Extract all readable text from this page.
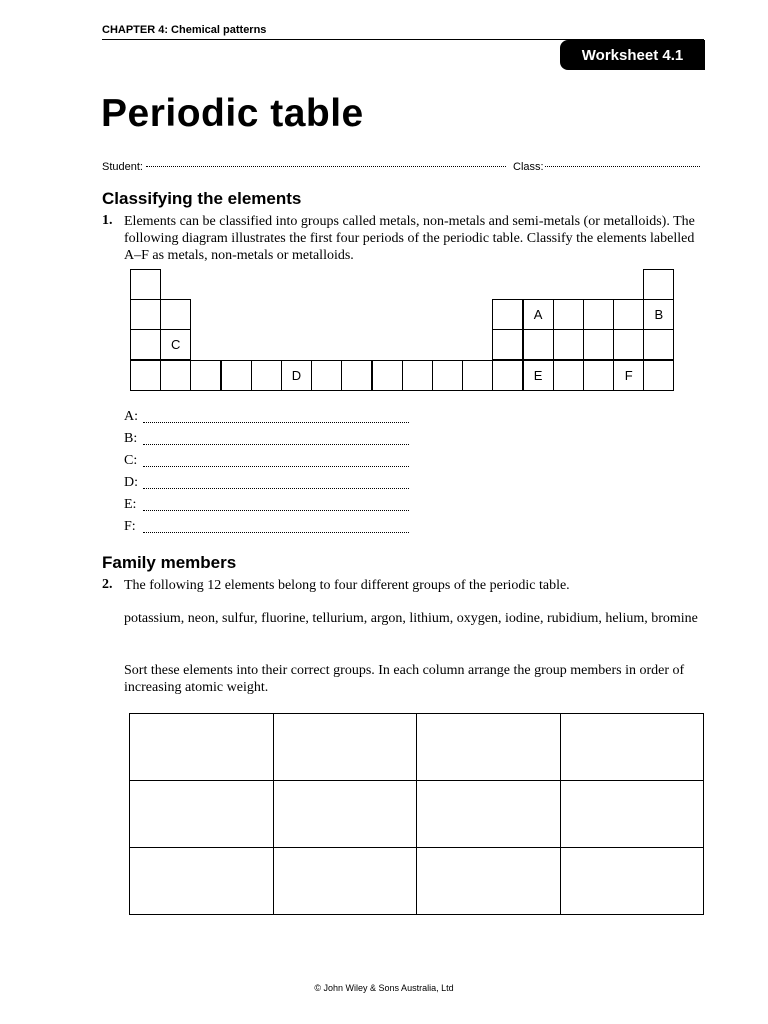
CHAPTER 4: Chemical patterns
Worksheet 4.1
Periodic table
Student:	Class:
Classifying the elements
1. Elements can be classified into groups called metals, non-metals and semi-metals (or metalloids). The following diagram illustrates the first four periods of the periodic table. Classify the elements labelled A–F as metals, non-metals or metalloids.
A	B
C
D	E	F
A:
B:
C:
D:
E:
F:
Family members
2. The following 12 elements belong to four different groups of the periodic table.
potassium, neon, sulfur, fluorine, tellurium, argon, lithium, oxygen, iodine, rubidium, helium, bromine
Sort these elements into their correct groups. In each column arrange the group members in order of increasing atomic weight.

© John Wiley & Sons Australia, Ltd
